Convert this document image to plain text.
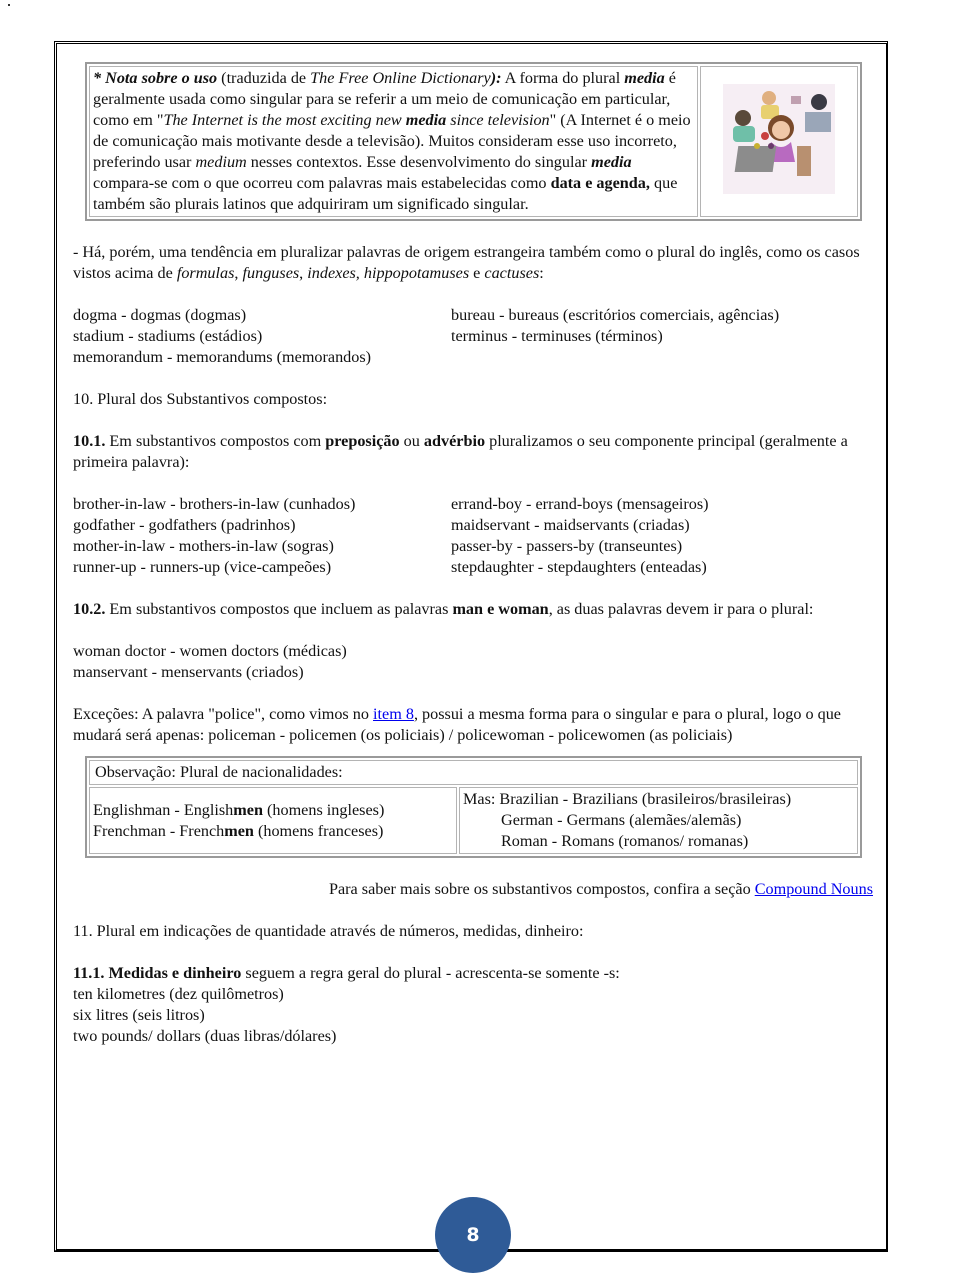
* Nota sobre o uso (traduzida de The Free Online Dictionary): A forma do plural media é geralmente usada como singular para se referir a um meio de comunicação em particular, como em "The Internet is the most exciting new media since television" (A Internet é o meio de comunicação mais motivante desde a televisão). Muitos consideram esse uso incorreto, preferindo usar medium nesses contextos. Esse desenvolvimento do singular media compara-se com o que ocorreu com palavras mais estabelecidas como data e agenda, que também são plurais latinos que adquiriram um significado singular.	

- Há, porém, uma tendência em pluralizar palavras de origem estrangeira também como o plural do inglês, como os casos vistos acima de formulas, funguses, indexes, hippopotamuses e cactuses:

dogma - dogmas (dogmas)
stadium - stadiums (estádios)
memorandum - memorandums (memorandos)
bureau - bureaus (escritórios comerciais, agências)
terminus - terminuses (términos)

10. Plural dos Substantivos compostos:

10.1. Em substantivos compostos com preposição ou advérbio pluralizamos o seu componente principal (geralmente a primeira palavra):

brother-in-law - brothers-in-law (cunhados)
godfather - godfathers (padrinhos)
mother-in-law - mothers-in-law (sogras)
runner-up - runners-up (vice-campeões)
errand-boy - errand-boys (mensageiros)
maidservant - maidservants (criadas)
passer-by - passers-by (transeuntes)
stepdaughter - stepdaughters (enteadas)

10.2. Em substantivos compostos que incluem as palavras man e woman, as duas palavras devem ir para o plural:

woman doctor - women doctors (médicas)
manservant - menservants (criados)

Exceções: A palavra "police", como vimos no item 8, possui a mesma forma para o singular e para o plural, logo o que mudará será apenas: policeman - policemen (os policiais) / policewoman - policewomen (as policiais)

Observação: Plural de nacionalidades:

Englishman - Englishmen (homens ingleses)
Frenchman - Frenchmen (homens franceses)

Mas: Brazilian - Brazilians (brasileiros/brasileiras)
German - Germans (alemães/alemãs)
Roman - Romans (romanos/ romanas)

Para saber mais sobre os substantivos compostos, confira a seção Compound Nouns

11. Plural em indicações de quantidade através de números, medidas, dinheiro:

11.1. Medidas e dinheiro seguem a regra geral do plural - acrescenta-se somente -s:

ten kilometres (dez quilômetros)
six litres (seis litros)
two pounds/ dollars (duas libras/dólares)
8
